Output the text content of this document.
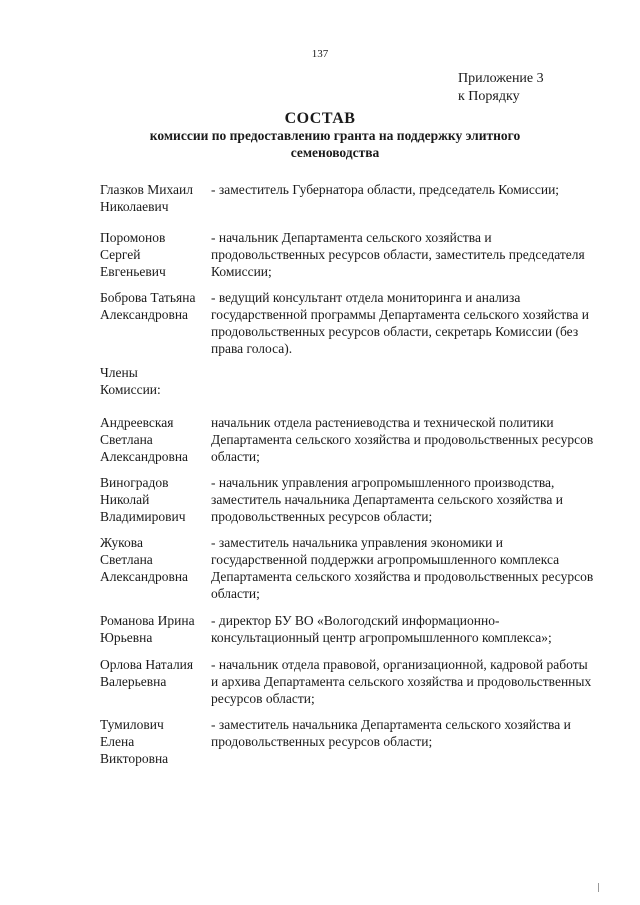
137
Приложение 3
к Порядку
СОСТАВ
комиссии по предоставлению гранта на поддержку элитного
семеноводства
Глазков Михаил
Николаевич
- заместитель Губернатора области, председатель Комиссии;
Поромонов
Сергей
Евгеньевич
- начальник Департамента сельского хозяйства и продовольственных ресурсов области, заместитель председателя Комиссии;
Боброва Татьяна
Александровна
- ведущий консультант отдела мониторинга и анализа государственной программы Департамента сельского хозяйства и продовольственных ресурсов области, секретарь Комиссии (без права голоса).
Члены
Комиссии:
Андреевская
Светлана
Александровна
начальник отдела растениеводства и технической политики Департамента сельского хозяйства и продовольственных ресурсов области;
Виноградов
Николай
Владимирович
- начальник управления агропромышленного производства, заместитель начальника Департамента сельского хозяйства и продовольственных ресурсов области;
Жукова
Светлана
Александровна
- заместитель начальника управления экономики и государственной поддержки агропромышленного комплекса Департамента сельского хозяйства и продовольственных ресурсов области;
Романова Ирина
Юрьевна
- директор БУ ВО «Вологодский информационно-консультационный центр агропромышленного комплекса»;
Орлова Наталия
Валерьевна
- начальник отдела правовой, организационной, кадровой работы и архива Департамента сельского хозяйства и продовольственных ресурсов области;
Тумилович
Елена
Викторовна
- заместитель начальника Департамента сельского хозяйства и продовольственных ресурсов области;
